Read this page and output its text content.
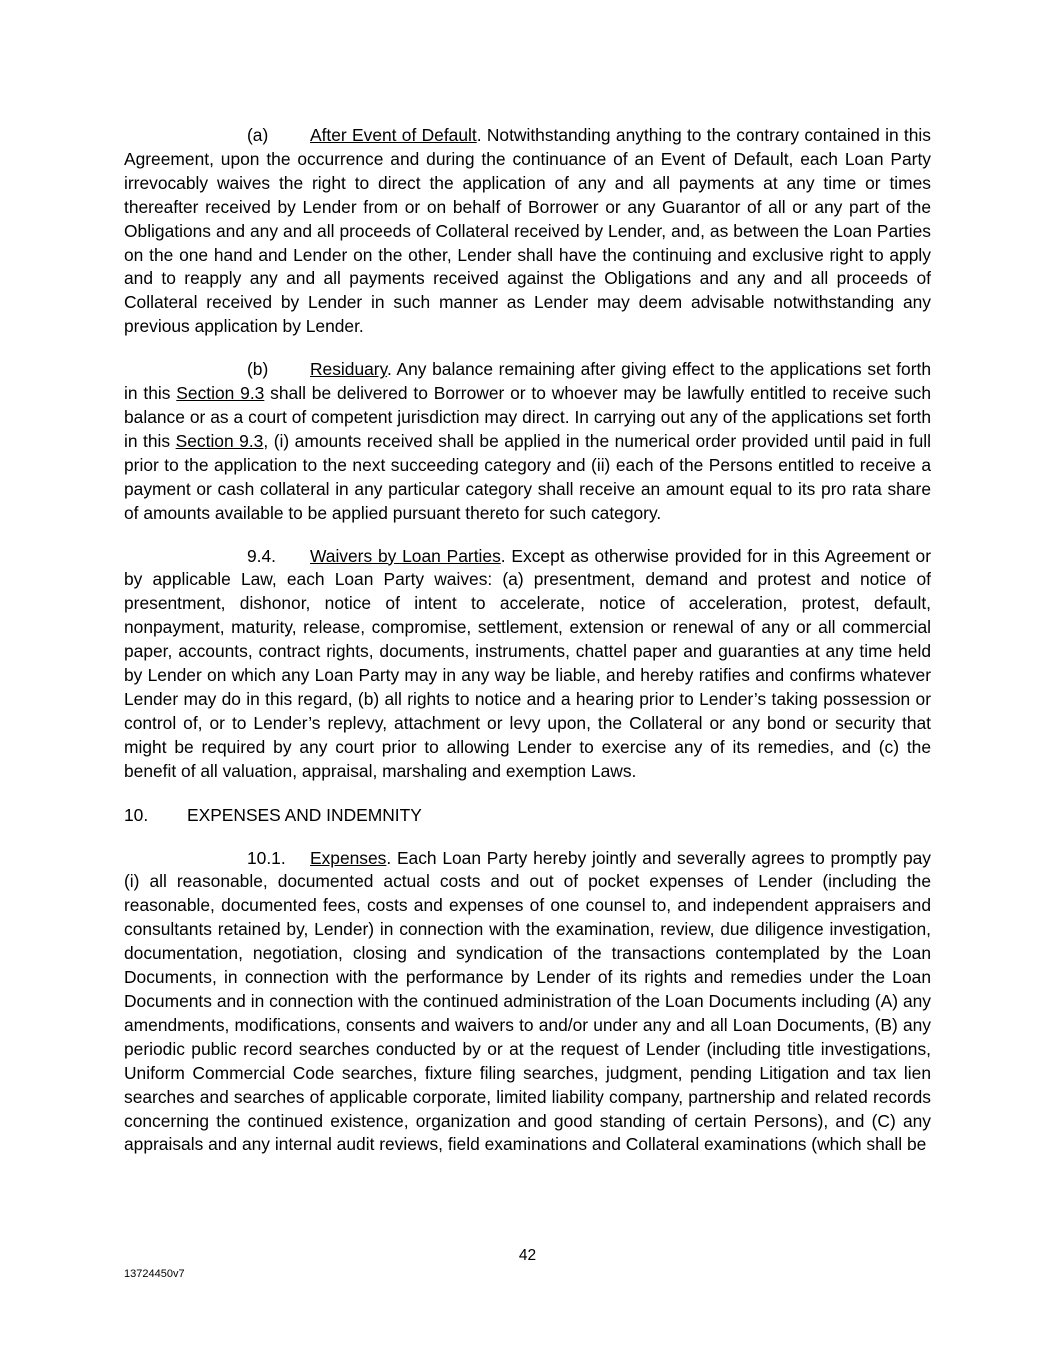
(a) After Event of Default. Notwithstanding anything to the contrary contained in this Agreement, upon the occurrence and during the continuance of an Event of Default, each Loan Party irrevocably waives the right to direct the application of any and all payments at any time or times thereafter received by Lender from or on behalf of Borrower or any Guarantor of all or any part of the Obligations and any and all proceeds of Collateral received by Lender, and, as between the Loan Parties on the one hand and Lender on the other, Lender shall have the continuing and exclusive right to apply and to reapply any and all payments received against the Obligations and any and all proceeds of Collateral received by Lender in such manner as Lender may deem advisable notwithstanding any previous application by Lender.

(b) Residuary. Any balance remaining after giving effect to the applications set forth in this Section 9.3 shall be delivered to Borrower or to whoever may be lawfully entitled to receive such balance or as a court of competent jurisdiction may direct. In carrying out any of the applications set forth in this Section 9.3, (i) amounts received shall be applied in the numerical order provided until paid in full prior to the application to the next succeeding category and (ii) each of the Persons entitled to receive a payment or cash collateral in any particular category shall receive an amount equal to its pro rata share of amounts available to be applied pursuant thereto for such category.

9.4. Waivers by Loan Parties. Except as otherwise provided for in this Agreement or by applicable Law, each Loan Party waives: (a) presentment, demand and protest and notice of presentment, dishonor, notice of intent to accelerate, notice of acceleration, protest, default, nonpayment, maturity, release, compromise, settlement, extension or renewal of any or all commercial paper, accounts, contract rights, documents, instruments, chattel paper and guaranties at any time held by Lender on which any Loan Party may in any way be liable, and hereby ratifies and confirms whatever Lender may do in this regard, (b) all rights to notice and a hearing prior to Lender’s taking possession or control of, or to Lender’s replevy, attachment or levy upon, the Collateral or any bond or security that might be required by any court prior to allowing Lender to exercise any of its remedies, and (c) the benefit of all valuation, appraisal, marshaling and exemption Laws.

10. EXPENSES AND INDEMNITY

10.1. Expenses. Each Loan Party hereby jointly and severally agrees to promptly pay (i) all reasonable, documented actual costs and out of pocket expenses of Lender (including the reasonable, documented fees, costs and expenses of one counsel to, and independent appraisers and consultants retained by, Lender) in connection with the examination, review, due diligence investigation, documentation, negotiation, closing and syndication of the transactions contemplated by the Loan Documents, in connection with the performance by Lender of its rights and remedies under the Loan Documents and in connection with the continued administration of the Loan Documents including (A) any amendments, modifications, consents and waivers to and/or under any and all Loan Documents, (B) any periodic public record searches conducted by or at the request of Lender (including title investigations, Uniform Commercial Code searches, fixture filing searches, judgment, pending Litigation and tax lien searches and searches of applicable corporate, limited liability company, partnership and related records concerning the continued existence, organization and good standing of certain Persons), and (C) any appraisals and any internal audit reviews, field examinations and Collateral examinations (which shall be

42
13724450v7
